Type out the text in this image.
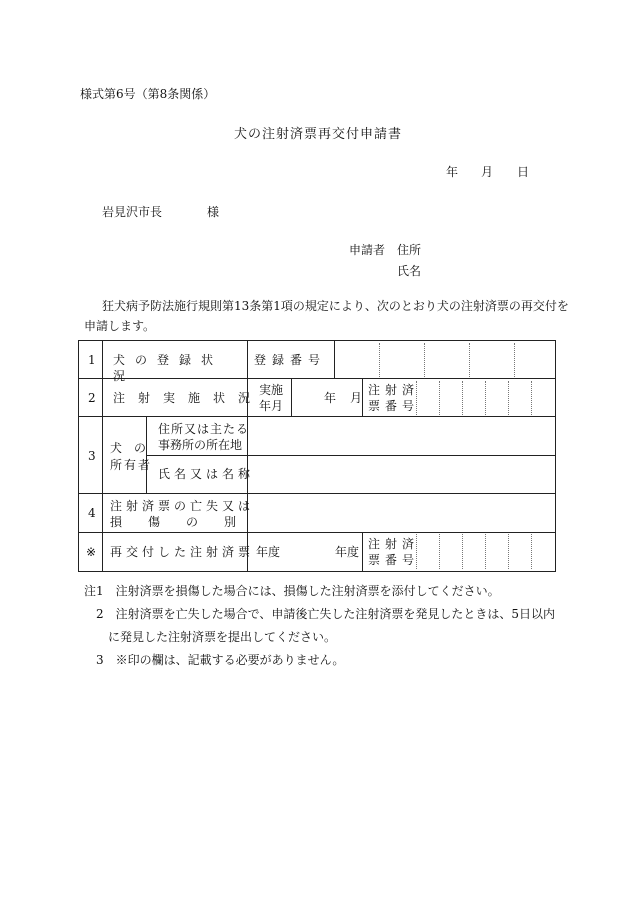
様式第6号（第8条関係）
犬の注射済票再交付申請書
年 月 日
岩見沢市長	様
申請者 住所
氏名
狂犬病予防法施行規則第13条第1項の規定により、次のとおり犬の注射済票の再交付を
申請します。
1
2
3
4
※
犬の登録状況
登録番号
注射実施状況
実施
年月
年 月
注射済
票番号
犬の
所有者
住所又は主たる
事務所の所在地
氏名又は名称
注射済票の亡失又は
損傷の別
再交付した注射済票 年度	年度
注射済
票番号
注1　注射済票を損傷した場合には、損傷した注射済票を添付してください。
　2　注射済票を亡失した場合で、申請後亡失した注射済票を発見したときは、5日以内
　　に発見した注射済票を提出してください。
　3　※印の欄は、記載する必要がありません。
